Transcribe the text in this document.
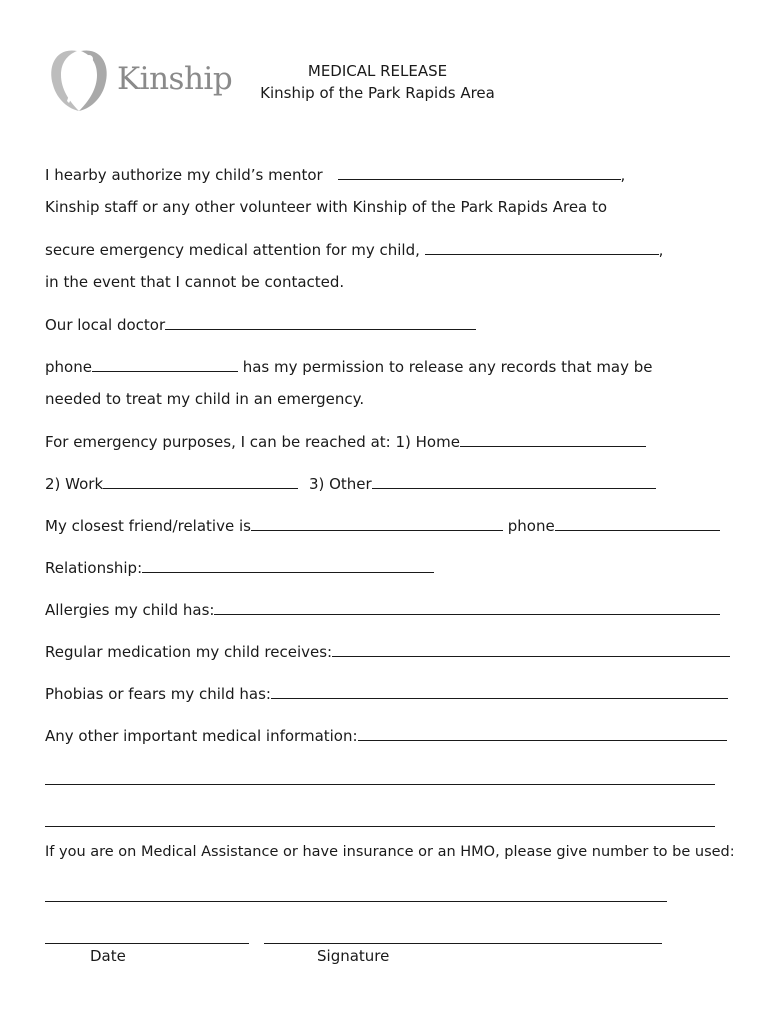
Kinship	MEDICAL RELEASE
Kinship of the Park Rapids Area
I hearby authorize my child’s mentor	,
Kinship staff or any other volunteer with Kinship of the Park Rapids Area to
secure emergency medical attention for my child,	,
in the event that I cannot be contacted.
Our local doctor
phone	has my permission to release any records that may be
needed to treat my child in an emergency.
For emergency purposes, I can be reached at: 1) Home
2) Work	3) Other
My closest friend/relative is	phone
Relationship:
Allergies my child has:
Regular medication my child receives:
Phobias or fears my child has:
Any other important medical information:
If you are on Medical Assistance or have insurance or an HMO, please give number to be used:
Date	Signature
